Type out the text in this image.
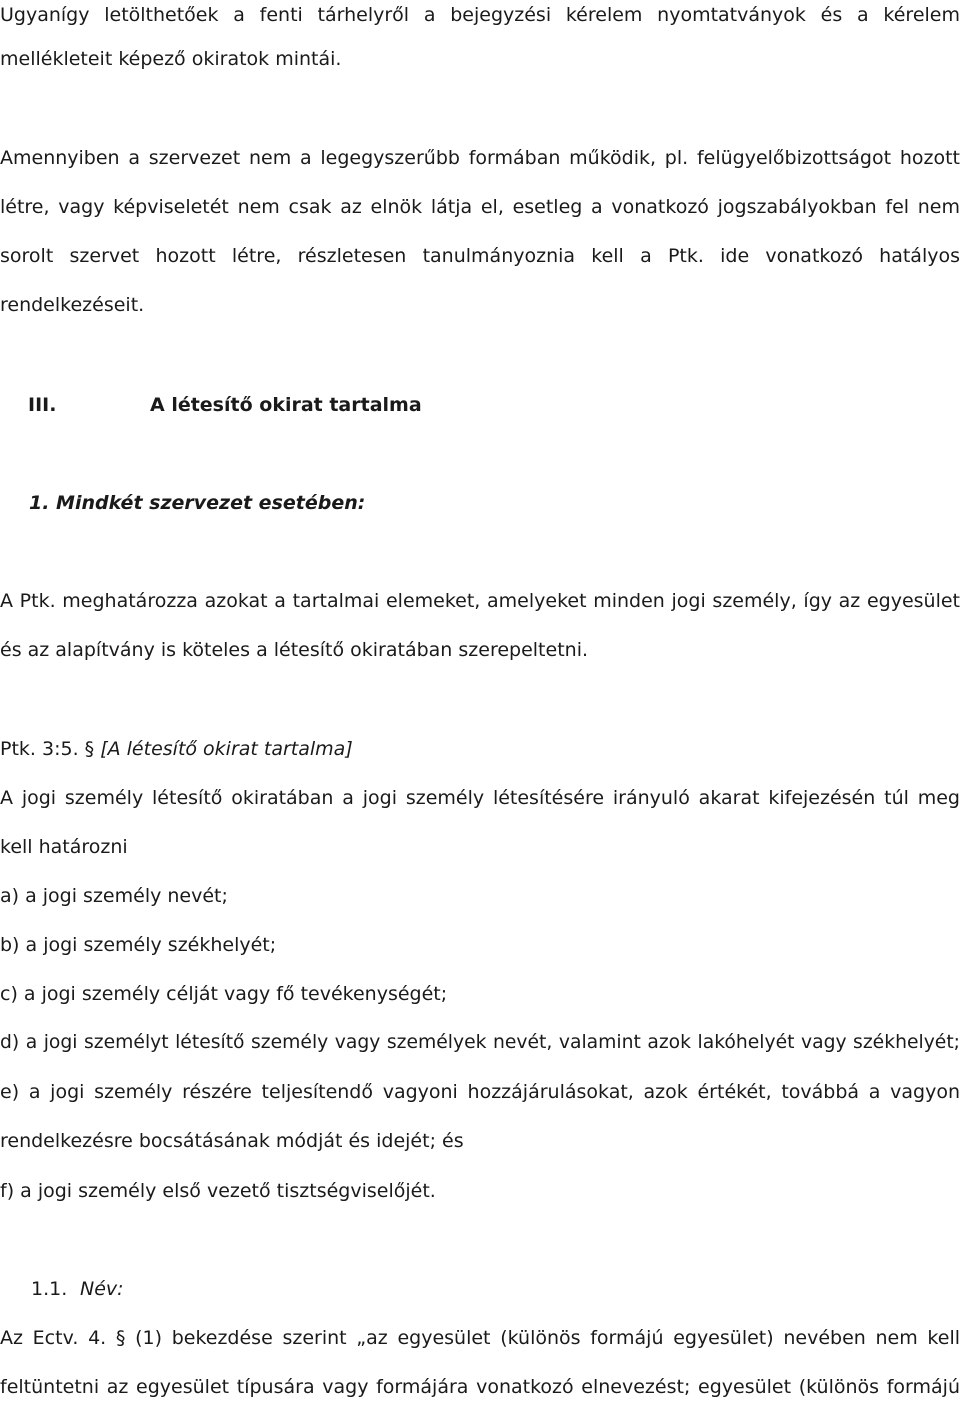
Ugyanígy letölthetőek a fenti tárhelyről a bejegyzési kérelem nyomtatványok és a kérelem
mellékleteit képező okiratok mintái.
Amennyiben a szervezet nem a legegyszerűbb formában működik, pl. felügyelőbizottságot hozott
létre, vagy képviseletét nem csak az elnök látja el, esetleg a vonatkozó jogszabályokban fel nem
sorolt szervet hozott létre, részletesen tanulmányoznia kell a Ptk. ide vonatkozó hatályos
rendelkezéseit.
III.	A létesítő okirat tartalma
1. Mindkét szervezet esetében:
A Ptk. meghatározza azokat a tartalmai elemeket, amelyeket minden jogi személy, így az egyesület
és az alapítvány is köteles a létesítő okiratában szerepeltetni.
Ptk. 3:5. § [A létesítő okirat tartalma]
A jogi személy létesítő okiratában a jogi személy létesítésére irányuló akarat kifejezésén túl meg
kell határozni
a) a jogi személy nevét;
b) a jogi személy székhelyét;
c) a jogi személy célját vagy fő tevékenységét;
d) a jogi személyt létesítő személy vagy személyek nevét, valamint azok lakóhelyét vagy székhelyét;
e) a jogi személy részére teljesítendő vagyoni hozzájárulásokat, azok értékét, továbbá a vagyon
rendelkezésre bocsátásának módját és idejét; és
f) a jogi személy első vezető tisztségviselőjét.
1.1. Név:
Az Ectv. 4. § (1) bekezdése szerint „az egyesület (különös formájú egyesület) nevében nem kell
feltüntetni az egyesület típusára vagy formájára vonatkozó elnevezést; egyesület (különös formájú
